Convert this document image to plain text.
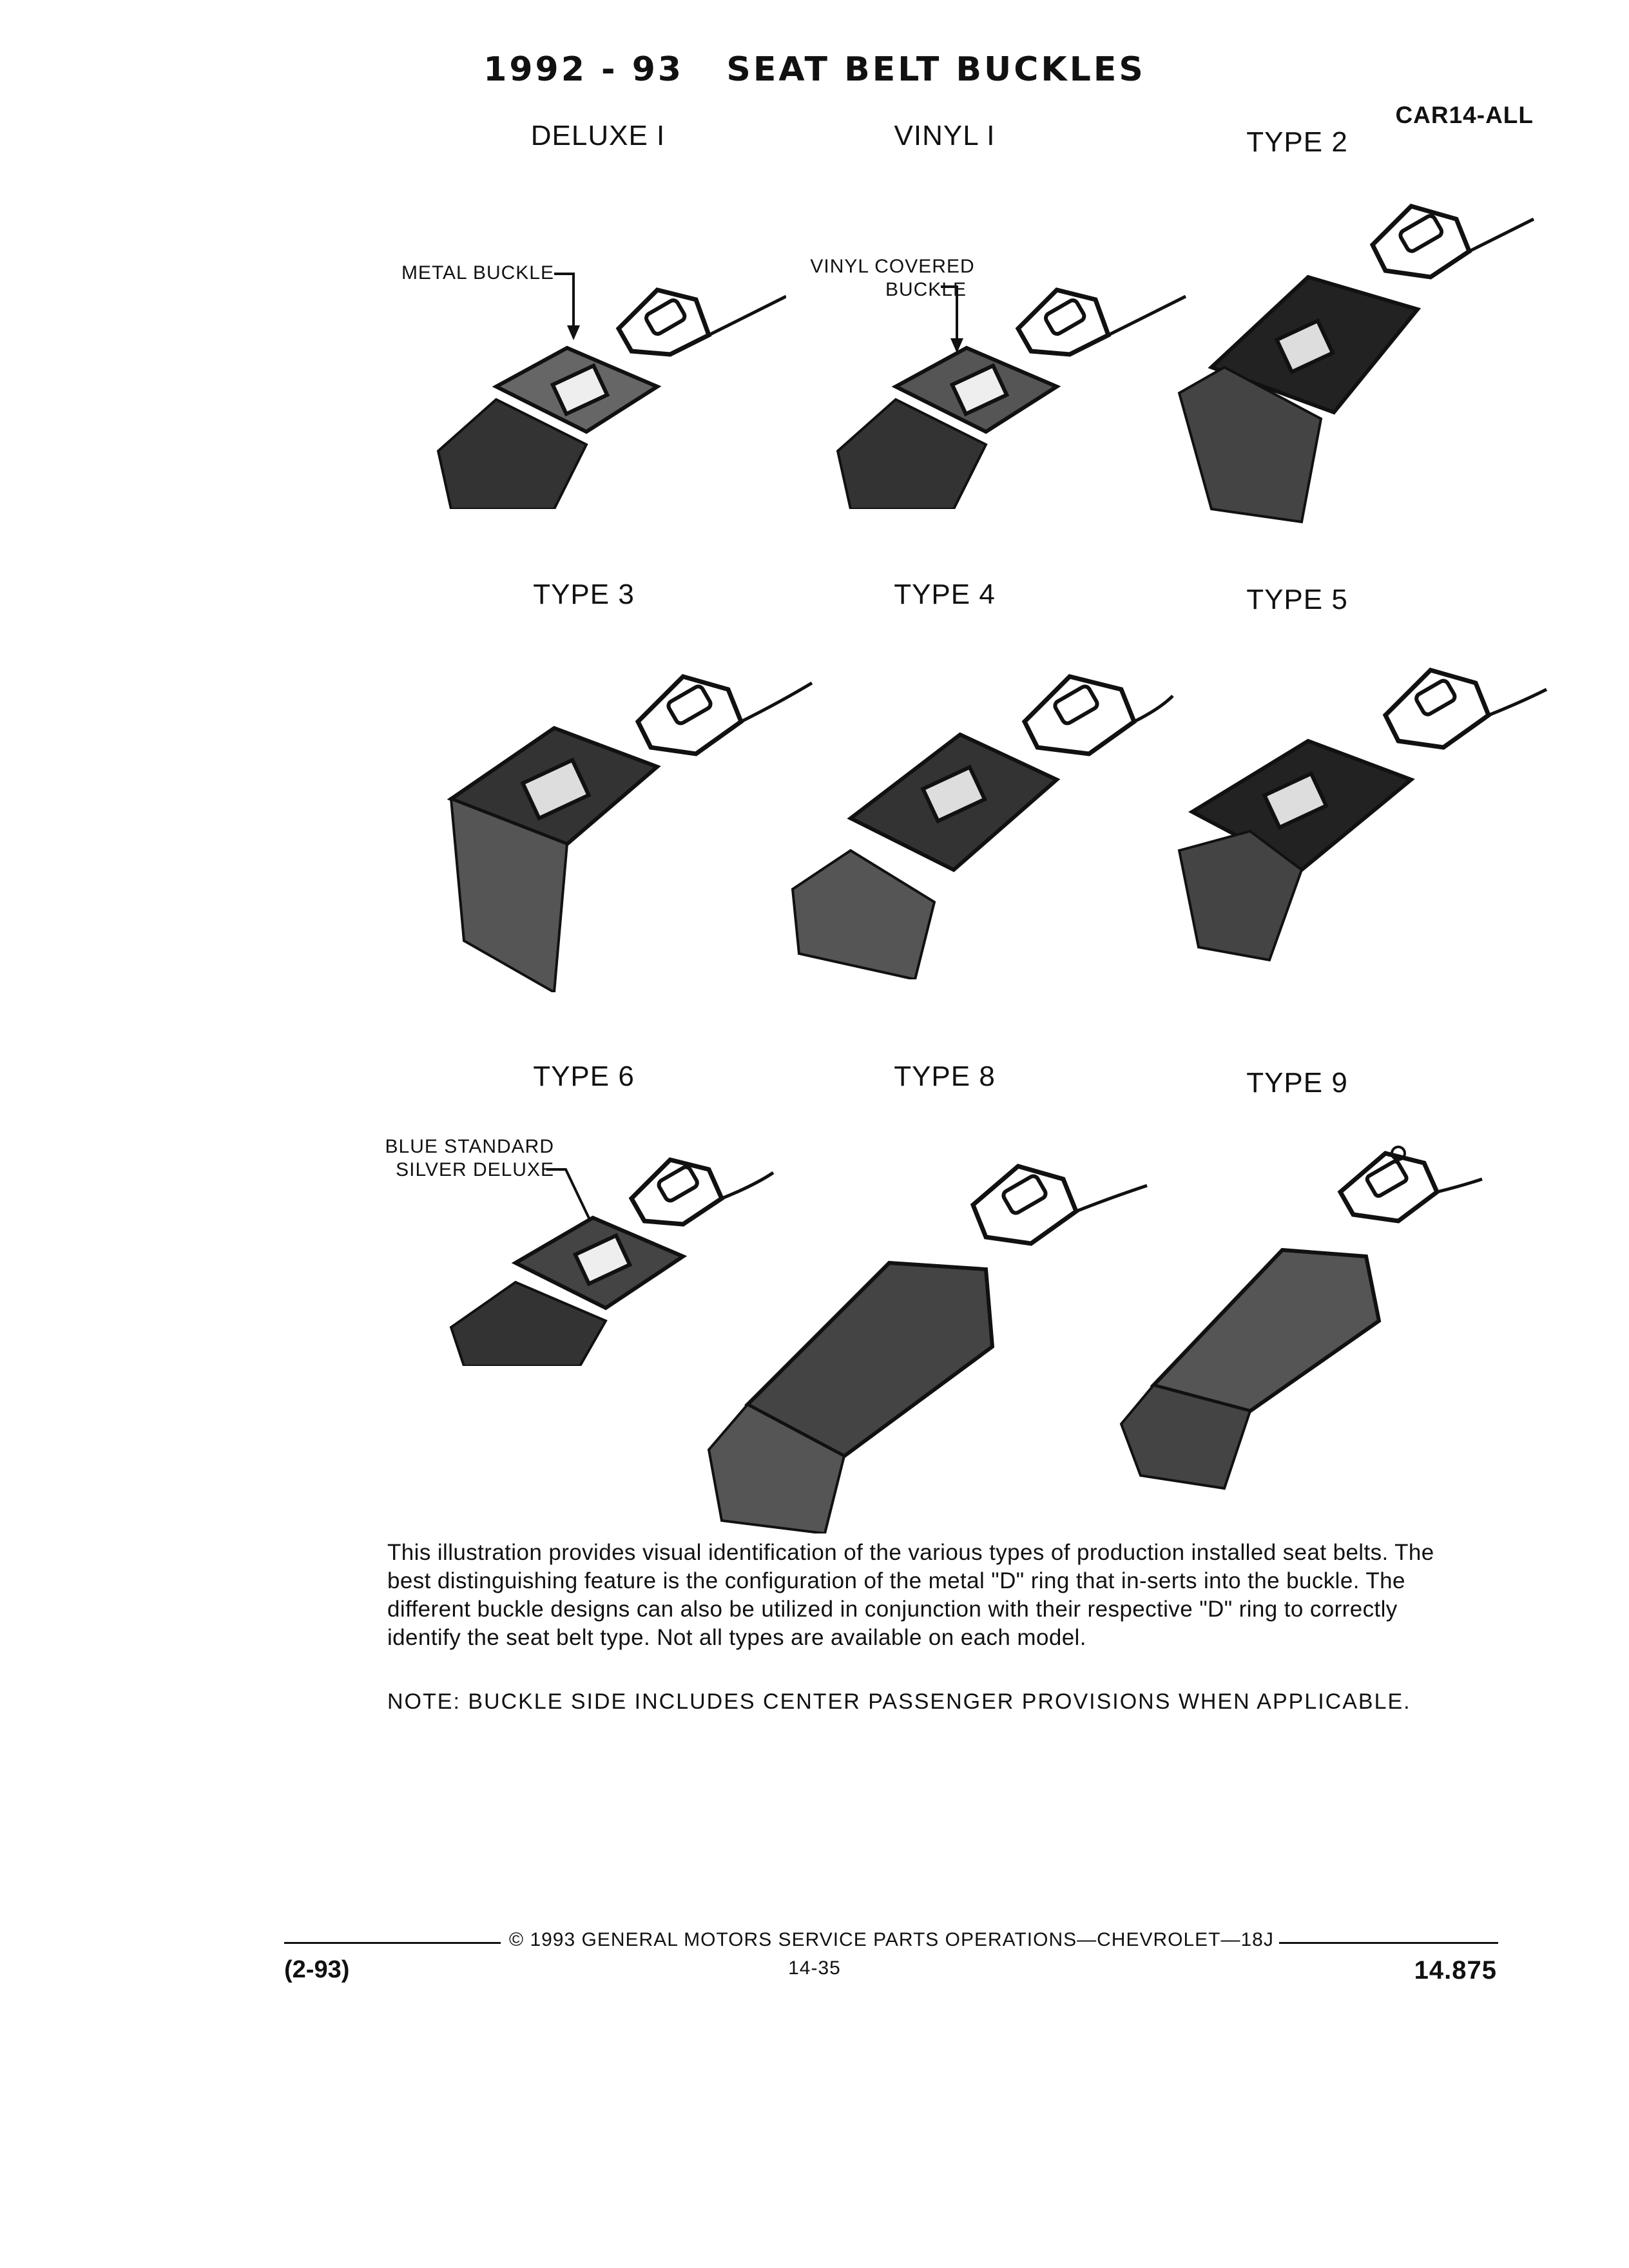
1992 - 93   SEAT BELT BUCKLES
CAR14-ALL
DELUXE I	VINYL I	TYPE 2
TYPE 3	TYPE 4	TYPE 5
TYPE 6	TYPE 8	TYPE 9
METAL BUCKLE	VINYL COVERED
BUCKLE
BLUE STANDARD
SILVER DELUXE
This illustration provides visual identification of the various types of production installed seat belts. The best distinguishing feature is the configuration of the metal "D" ring that in-serts into the buckle. The different buckle designs can also be utilized in conjunction with their respective "D" ring to correctly identify the seat belt type. Not all types are available on each model.
NOTE: BUCKLE SIDE INCLUDES CENTER PASSENGER PROVISIONS WHEN APPLICABLE.
© 1993 GENERAL MOTORS SERVICE PARTS OPERATIONS—CHEVROLET—18J
14-35
(2-93)	14.875
